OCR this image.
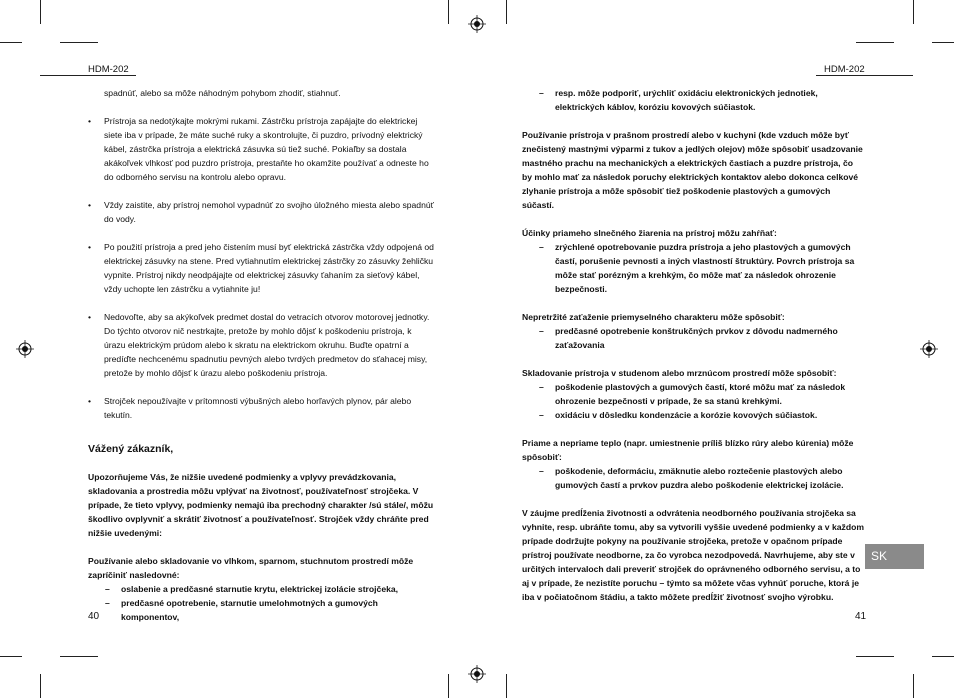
HDM-202	HDM-202
spadnúť, alebo sa môže náhodným pohybom zhodiť, stiahnuť.
• Prístroja sa nedotýkajte mokrými rukami. Zástrčku prístroja zapájajte do elektrickej siete iba v prípade, že máte suché ruky a skontrolujte, či puzdro, prívodný elektrický kábel, zástrčka prístroja a elektrická zásuvka sú tiež suché. Pokiaľby sa dostala akákoľvek vlhkosť pod puzdro prístroja, prestaňte ho okamžite používať a odneste ho do odborného servisu na kontrolu alebo opravu.
• Vždy zaistite, aby prístroj nemohol vypadnúť zo svojho úložného miesta alebo spadnúť do vody.
• Po použití prístroja a pred jeho čistením musí byť elektrická zástrčka vždy odpojená od elektrickej zásuvky na stene. Pred vytiahnutím elektrickej zástrčky zo zásuvky žehličku vypnite. Prístroj nikdy neodpájajte od elektrickej zásuvky ťahaním za sieťový kábel, vždy uchopte len zástrčku a vytiahnite ju!
• Nedovoľte, aby sa akýkoľvek predmet dostal do vetracích otvorov motorovej jednotky. Do týchto otvorov nič nestrkajte, pretože by mohlo dôjsť k poškodeniu prístroja, k úrazu elektrickým prúdom alebo k skratu na elektrickom okruhu. Buďte opatrní a predíďte nechcenému spadnutiu pevných alebo tvrdých predmetov do sťahacej misy, pretože by mohlo dôjsť k úrazu alebo poškodeniu prístroja.
• Strojček nepoužívajte v prítomnosti výbušných alebo horľavých plynov, pár alebo tekutín.
Vážený zákazník,
Upozorňujeme Vás, že nižšie uvedené podmienky a vplyvy prevádzkovania, skladovania a prostredia môžu vplývať na životnosť, používateľnosť strojčeka. V prípade, že tieto vplyvy, podmienky nemajú iba prechodný charakter /sú stále/, môžu škodlivo ovplyvniť a skrátiť životnosť a používateľnosť. Strojček vždy chráňte pred nižšie uvedenými:
Používanie alebo skladovanie vo vlhkom, sparnom, stuchnutom prostredí môže zapríčiniť nasledovné:
– oslabenie a predčasné starnutie krytu, elektrickej izolácie strojčeka,
– predčasné opotrebenie, starnutie umelohmotných a gumových komponentov,
40
– resp. môže podporiť, urýchliť oxidáciu elektronických jednotiek, elektrických káblov, koróziu kovových súčiastok.
Používanie prístroja v prašnom prostredí alebo v kuchyni (kde vzduch môže byť znečistený mastnými výparmi z tukov a jedlých olejov) môže spôsobiť usadzovanie mastného prachu na mechanických a elektrických častiach a puzdre prístroja, čo by mohlo mať za následok poruchy elektrických kontaktov alebo dokonca celkové zlyhanie prístroja a môže spôsobiť tiež poškodenie plastových a gumových súčastí.
Účinky priameho slnečného žiarenia na prístroj môžu zahŕňať:
– zrýchlené opotrebovanie puzdra prístroja a jeho plastových a gumových častí, porušenie pevnosti a iných vlastností štruktúry. Povrch prístroja sa môže stať porézným a krehkým, čo môže mať za následok ohrozenie bezpečnosti.
Nepretržité zaťaženie priemyselného charakteru môže spôsobiť:
– predčasné opotrebenie konštrukčných prvkov z dôvodu nadmerného zaťažovania
Skladovanie prístroja v studenom alebo mrznúcom prostredí môže spôsobiť:
– poškodenie plastových a gumových častí, ktoré môžu mať za následok ohrozenie bezpečnosti v prípade, že sa stanú krehkými.
– oxidáciu v dôsledku kondenzácie a korózie kovových súčiastok.
Priame a nepriame teplo (napr. umiestnenie príliš blízko rúry alebo kúrenia) môže spôsobiť:
– poškodenie, deformáciu, zmäknutie alebo roztečenie plastových alebo gumových častí a prvkov puzdra alebo poškodenie elektrickej izolácie.
V záujme predĺženia životnosti a odvrátenia neodborného používania strojčeka sa vyhnite, resp. ubráňte tomu, aby sa vytvorili vyššie uvedené podmienky a v každom prípade dodržujte pokyny na používanie strojčeka, pretože v opačnom prípade prístroj používate neodborne, za čo vyrobca nezodpovedá. Navrhujeme, aby ste v určitých intervaloch dali preveriť strojček do oprávneného odborného servisu, a to aj v prípade, že nezistíte poruchu – týmto sa môžete včas vyhnúť poruche, ktorá je iba v počiatočnom štádiu, a takto môžete predĺžiť životnosť svojho výrobku.
SK
41
